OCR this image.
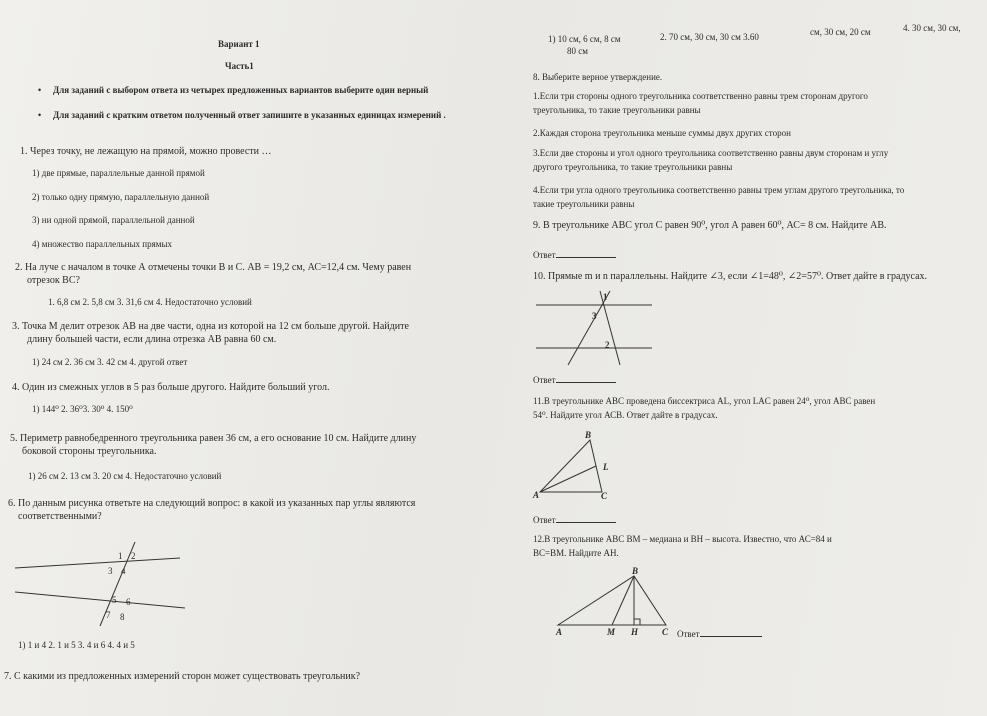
Вариант 1
Часть1
• Для заданий с выбором ответа из четырех предложенных вариантов выберите один верный
• Для заданий с кратким ответом полученный ответ запишите в указанных единицах измерений .
1. Через точку, не лежащую на прямой, можно провести …
1) две прямые, параллельные данной прямой
2) только одну прямую, параллельную данной
3) ни одной прямой, параллельной данной
4) множество параллельных прямых
2. На луче с началом в точке А отмечены точки В и С. АВ = 19,2 см, АС=12,4 см. Чему равен
отрезок ВС?
1. 6,8 см 2. 5,8 см 3. 31,6 см 4. Недостаточно условий
3. Точка М делит отрезок АВ на две части, одна из которой на 12 см больше другой. Найдите
длину большей части, если длина отрезка АВ равна 60 см.
1) 24 см 2. 36 см 3. 42 см 4. другой ответ
4. Один из смежных углов в 5 раз больше другого. Найдите больший угол.
1) 144⁰ 2. 36⁰3. 30⁰ 4. 150⁰
5. Периметр равнобедренного треугольника равен 36 см, а его основание 10 см. Найдите длину
боковой стороны треугольника.
1) 26 см 2. 13 см 3. 20 см 4. Недостаточно условий
6. По данным рисунка ответьте на следующий вопрос: в какой из указанных пар углы являются
соответственными?
1 2
3 4
5 6
7 8
1) 1 и 4 2. 1 и 5 3. 4 и 6 4. 4 и 5
7. С какими из предложенных измерений сторон может существовать треугольник?
1) 10 см, 6 см, 8 см
80 см
2. 70 см, 30 см, 30 см 3.60	см, 30 см, 20 см	4. 30 см, 30 см,
8. Выберите верное утверждение.
1.Если три стороны одного треугольника соответственно равны трем сторонам другого
треугольника, то такие треугольники равны
2.Каждая сторона треугольника меньше суммы двух других сторон
3.Если две стороны и угол одного треугольника соответственно равны двум сторонам и углу
другого треугольника, то такие треугольники равны
4.Если три угла одного треугольника соответственно равны трем углам другого треугольника, то
такие треугольники равны
9. В треугольнике АВС угол С равен 90⁰, угол А равен 60⁰, АС= 8 см. Найдите АВ.
Ответ
10. Прямые m и n параллельны. Найдите ∠3, если ∠1=48⁰, ∠2=57⁰. Ответ дайте в градусах.
1
3
2
Ответ
11.В треугольнике АВС проведена биссектриса АL, угол LAC равен 24⁰, угол АВС равен
54⁰. Найдите угол АСВ. Ответ дайте в градусах.
B
L
A	C
Ответ
12.В треугольнике АВС ВМ – медиана и ВН – высота. Известно, что АС=84 и
ВС=ВМ. Найдите АН.
B
A	M H	C Ответ
